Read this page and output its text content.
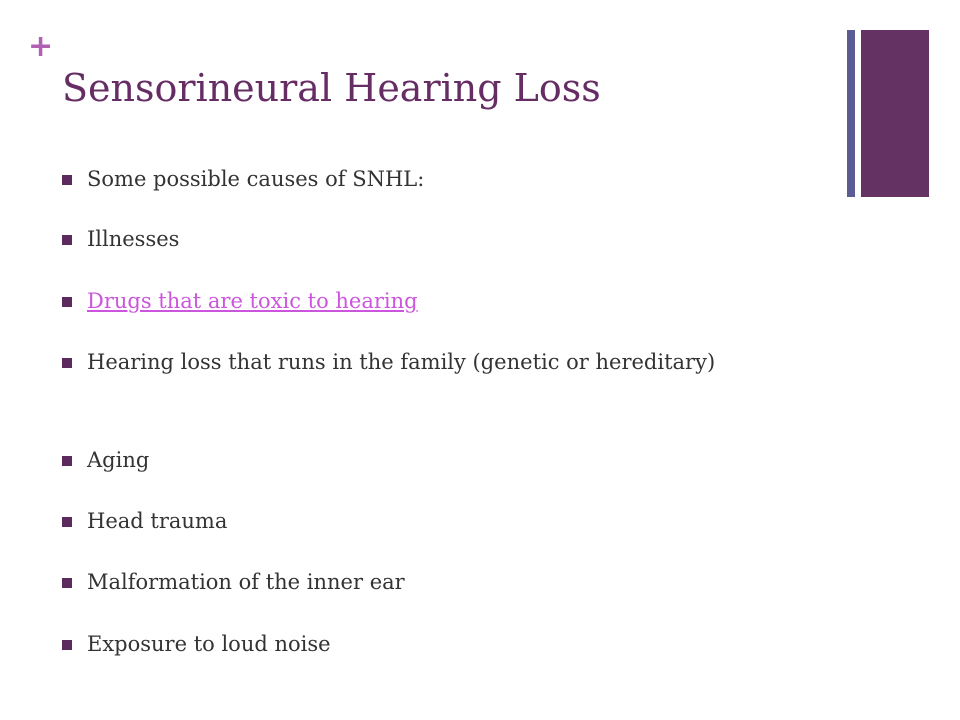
+
Sensorineural Hearing Loss
Some possible causes of SNHL:
Illnesses
Drugs that are toxic to hearing
Hearing loss that runs in the family (genetic or hereditary)
Aging
Head trauma
Malformation of the inner ear
Exposure to loud noise
